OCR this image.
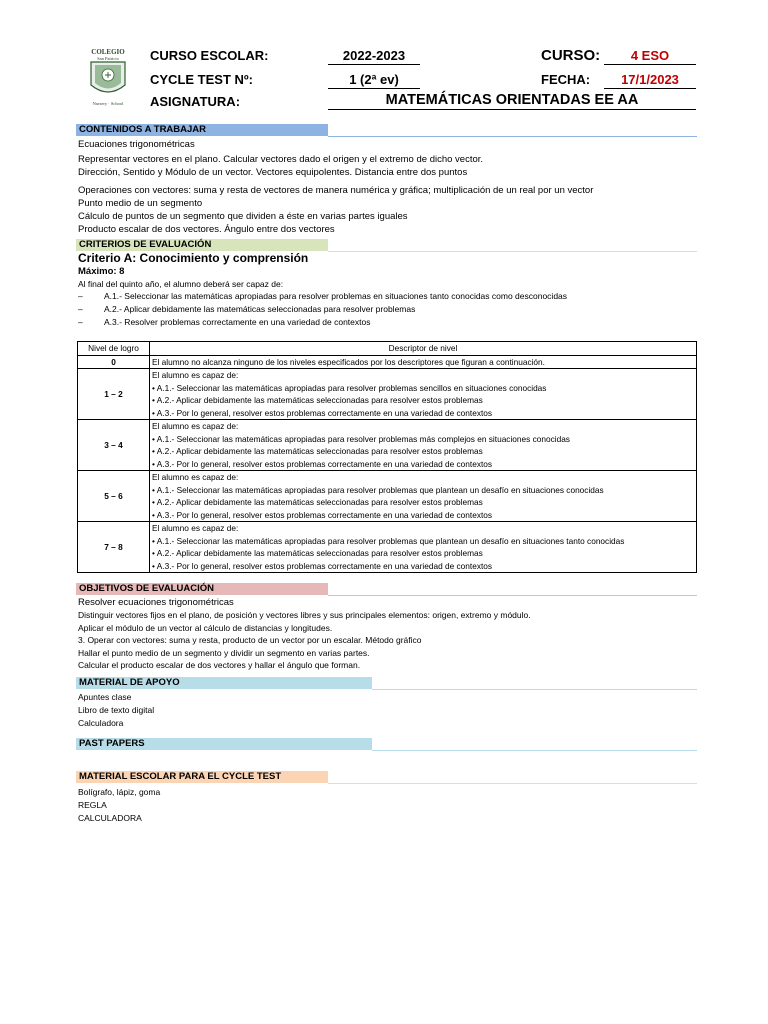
COLEGIO
San Patricio
Nursery · School
CURSO ESCOLAR:	2022-2023
CYCLE TEST Nº:	1 (2ª ev)
ASIGNATURA:	MATEMÁTICAS ORIENTADAS EE AA
CURSO:	4 ESO
FECHA:	17/1/2023
CONTENIDOS A TRABAJAR
Ecuaciones trigonométricas
Representar vectores en el plano. Calcular vectores dado el origen y el extremo de dicho vector.
Dirección, Sentido y Módulo de un vector. Vectores equipolentes. Distancia entre dos puntos
Operaciones con vectores: suma y resta de vectores de manera numérica y gráfica; multiplicación de un real por un vector
Punto medio de un segmento
Cálculo de puntos de un segmento que dividen a éste en varias partes iguales
Producto escalar de dos vectores. Ángulo entre dos vectores
CRITERIOS DE EVALUACIÓN
Criterio A: Conocimiento y comprensión
Máximo: 8
Al final del quinto año, el alumno deberá ser capaz de:
–	A.1.- Seleccionar las matemáticas apropiadas para resolver problemas en situaciones tanto conocidas como desconocidas
–	A.2.- Aplicar debidamente las matemáticas seleccionadas para resolver problemas
–	A.3.- Resolver problemas correctamente en una variedad de contextos
Nivel de logro	Descriptor de nivel
0	El alumno no alcanza ninguno de los niveles especificados por los descriptores que figuran a continuación.

1 – 2	El alumno es capaz de:
• A.1.- Seleccionar las matemáticas apropiadas para resolver problemas sencillos en situaciones conocidas
• A.2.- Aplicar debidamente las matemáticas seleccionadas para resolver estos problemas
• A.3.- Por lo general, resolver estos problemas correctamente en una variedad de contextos

3 – 4	El alumno es capaz de:
• A.1.- Seleccionar las matemáticas apropiadas para resolver problemas más complejos en situaciones conocidas
• A.2.- Aplicar debidamente las matemáticas seleccionadas para resolver estos problemas
• A.3.- Por lo general, resolver estos problemas correctamente en una variedad de contextos

5 – 6	El alumno es capaz de:
• A.1.- Seleccionar las matemáticas apropiadas para resolver problemas que plantean un desafío en situaciones conocidas
• A.2.- Aplicar debidamente las matemáticas seleccionadas para resolver estos problemas
• A.3.- Por lo general, resolver estos problemas correctamente en una variedad de contextos

7 – 8	El alumno es capaz de:
• A.1.- Seleccionar las matemáticas apropiadas para resolver problemas que plantean un desafío en situaciones tanto conocidas
• A.2.- Aplicar debidamente las matemáticas seleccionadas para resolver estos problemas
• A.3.- Por lo general, resolver estos problemas correctamente en una variedad de contextos
OBJETIVOS DE EVALUACIÓN
Resolver ecuaciones trigonométricas
Distinguir vectores fijos en el plano, de posición y vectores libres y sus principales elementos: origen, extremo y módulo.
Aplicar el módulo de un vector al cálculo de distancias y longitudes.
3. Operar con vectores: suma y resta, producto de un vector por un escalar. Método gráfico
Hallar el punto medio de un segmento y dividir un segmento en varias partes.
Calcular el producto escalar de dos vectores y hallar el ángulo que forman.
MATERIAL DE APOYO
Apuntes clase
Libro de texto digital
Calculadora
PAST PAPERS
MATERIAL ESCOLAR PARA EL CYCLE TEST
Bolígrafo, lápiz, goma
REGLA
CALCULADORA
